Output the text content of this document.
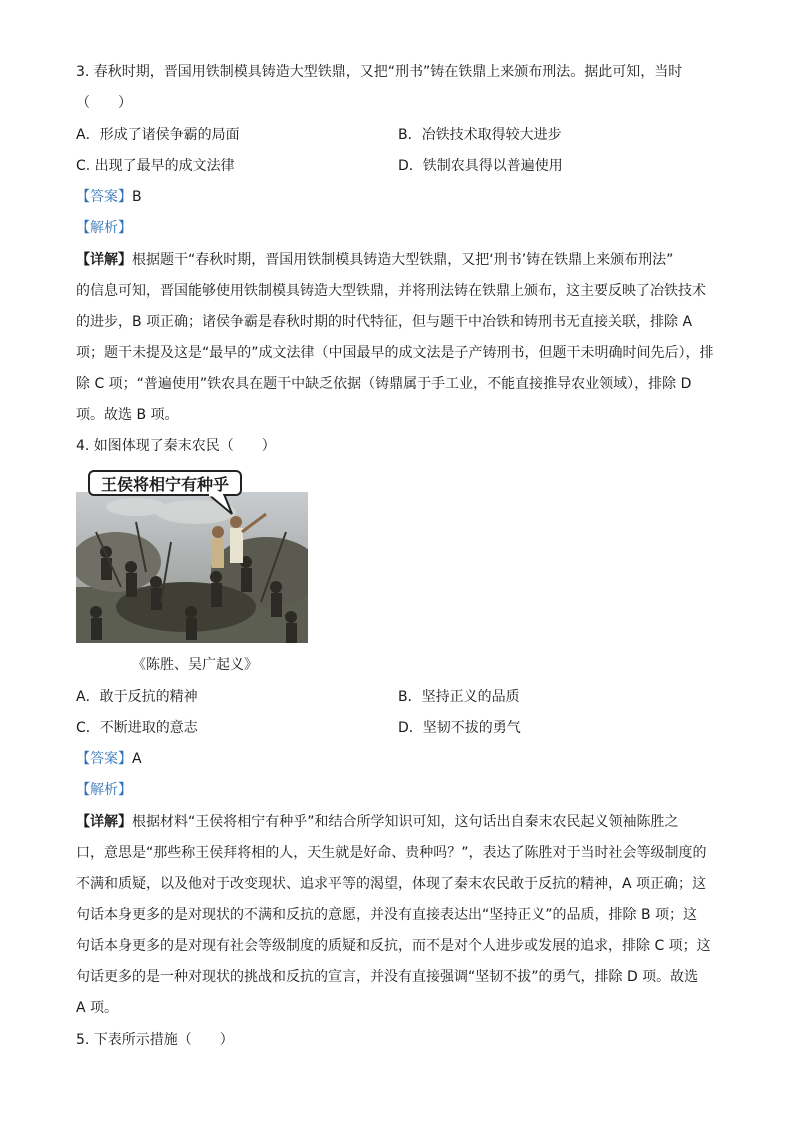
3. 春秋时期，晋国用铁制模具铸造大型铁鼎，又把“刑书”铸在铁鼎上来颁布刑法。据此可知，当时
（　　）
A．形成了诸侯争霸的局面	B．冶铁技术取得较大进步
C. 出现了最早的成文法律	D．铁制农具得以普遍使用
【答案】B
【解析】
【详解】根据题干“春秋时期，晋国用铁制模具铸造大型铁鼎，又把‘刑书’铸在铁鼎上来颁布刑法”
的信息可知，晋国能够使用铁制模具铸造大型铁鼎，并将刑法铸在铁鼎上颁布，这主要反映了冶铁技术
的进步，B 项正确；诸侯争霸是春秋时期的时代特征，但与题干中冶铁和铸刑书无直接关联，排除 A
项；题干未提及这是“最早的”成文法律（中国最早的成文法是子产铸刑书，但题干未明确时间先后），排
除 C 项；“普遍使用”铁农具在题干中缺乏依据（铸鼎属于手工业，不能直接推导农业领域），排除 D
项。故选 B 项。
4. 如图体现了秦末农民（　　）
王侯将相宁有种乎
《陈胜、吴广起义》
A．敢于反抗的精神	B．坚持正义的品质
C．不断进取的意志	D．坚韧不拔的勇气
【答案】A
【解析】
【详解】根据材料“王侯将相宁有种乎”和结合所学知识可知，这句话出自秦末农民起义领袖陈胜之
口，意思是“那些称王侯拜将相的人，天生就是好命、贵种吗？”，表达了陈胜对于当时社会等级制度的
不满和质疑，以及他对于改变现状、追求平等的渴望，体现了秦末农民敢于反抗的精神，A 项正确；这
句话本身更多的是对现状的不满和反抗的意愿，并没有直接表达出“坚持正义”的品质，排除 B 项；这
句话本身更多的是对现有社会等级制度的质疑和反抗，而不是对个人进步或发展的追求，排除 C 项；这
句话更多的是一种对现状的挑战和反抗的宣言，并没有直接强调“坚韧不拔”的勇气，排除 D 项。故选
A 项。
5. 下表所示措施（　　）
